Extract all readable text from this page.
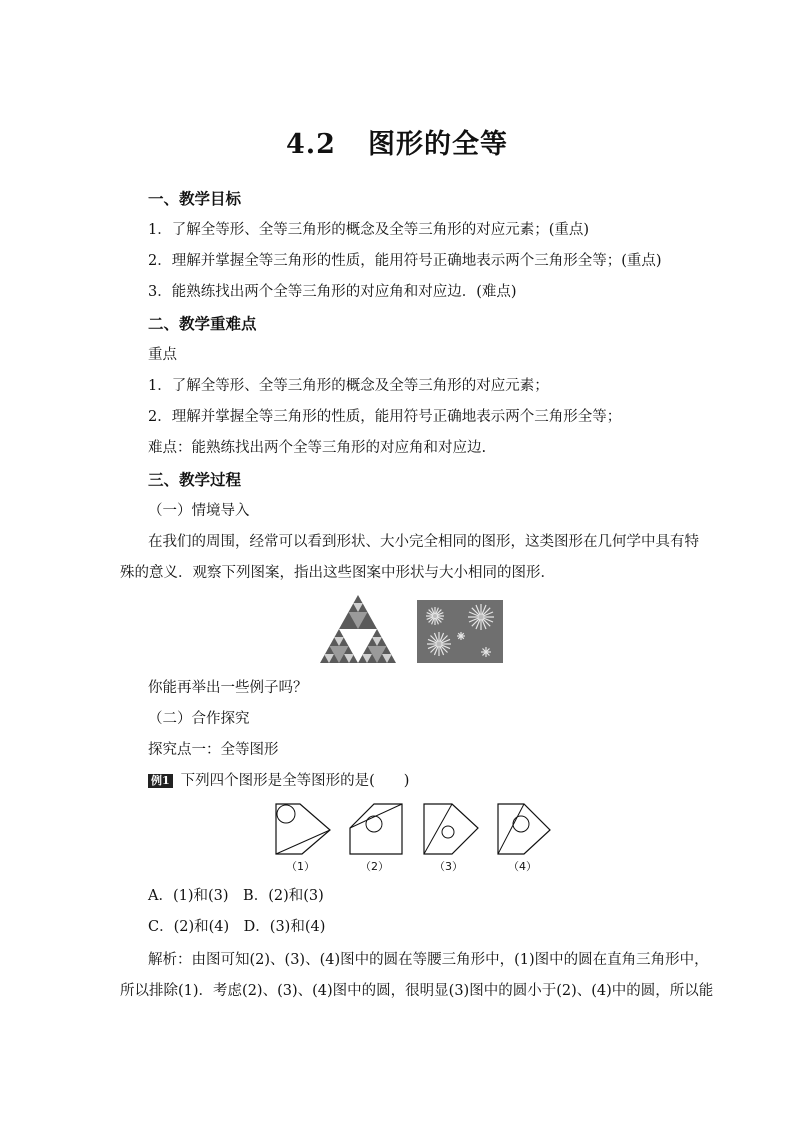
4.2 图形的全等
一、教学目标
1．了解全等形、全等三角形的概念及全等三角形的对应元素；(重点)
2．理解并掌握全等三角形的性质，能用符号正确地表示两个三角形全等；(重点)
3．能熟练找出两个全等三角形的对应角和对应边．(难点)
二、教学重难点
重点
1．了解全等形、全等三角形的概念及全等三角形的对应元素；
2．理解并掌握全等三角形的性质，能用符号正确地表示两个三角形全等；
难点：能熟练找出两个全等三角形的对应角和对应边.
三、教学过程
（一）情境导入
在我们的周围，经常可以看到形状、大小完全相同的图形，这类图形在几何学中具有特
殊的意义．观察下列图案，指出这些图案中形状与大小相同的图形．
你能再举出一些例子吗？
（二）合作探究
探究点一：全等图形
例1 下列四个图形是全等图形的是(　　)
（1）	（2）	（3）	（4）
A．(1)和(3)　B．(2)和(3)
C．(2)和(4)　D．(3)和(4)
解析：由图可知(2)、(3)、(4)图中的圆在等腰三角形中，(1)图中的圆在直角三角形中，
所以排除(1)．考虑(2)、(3)、(4)图中的圆，很明显(3)图中的圆小于(2)、(4)中的圆，所以能
